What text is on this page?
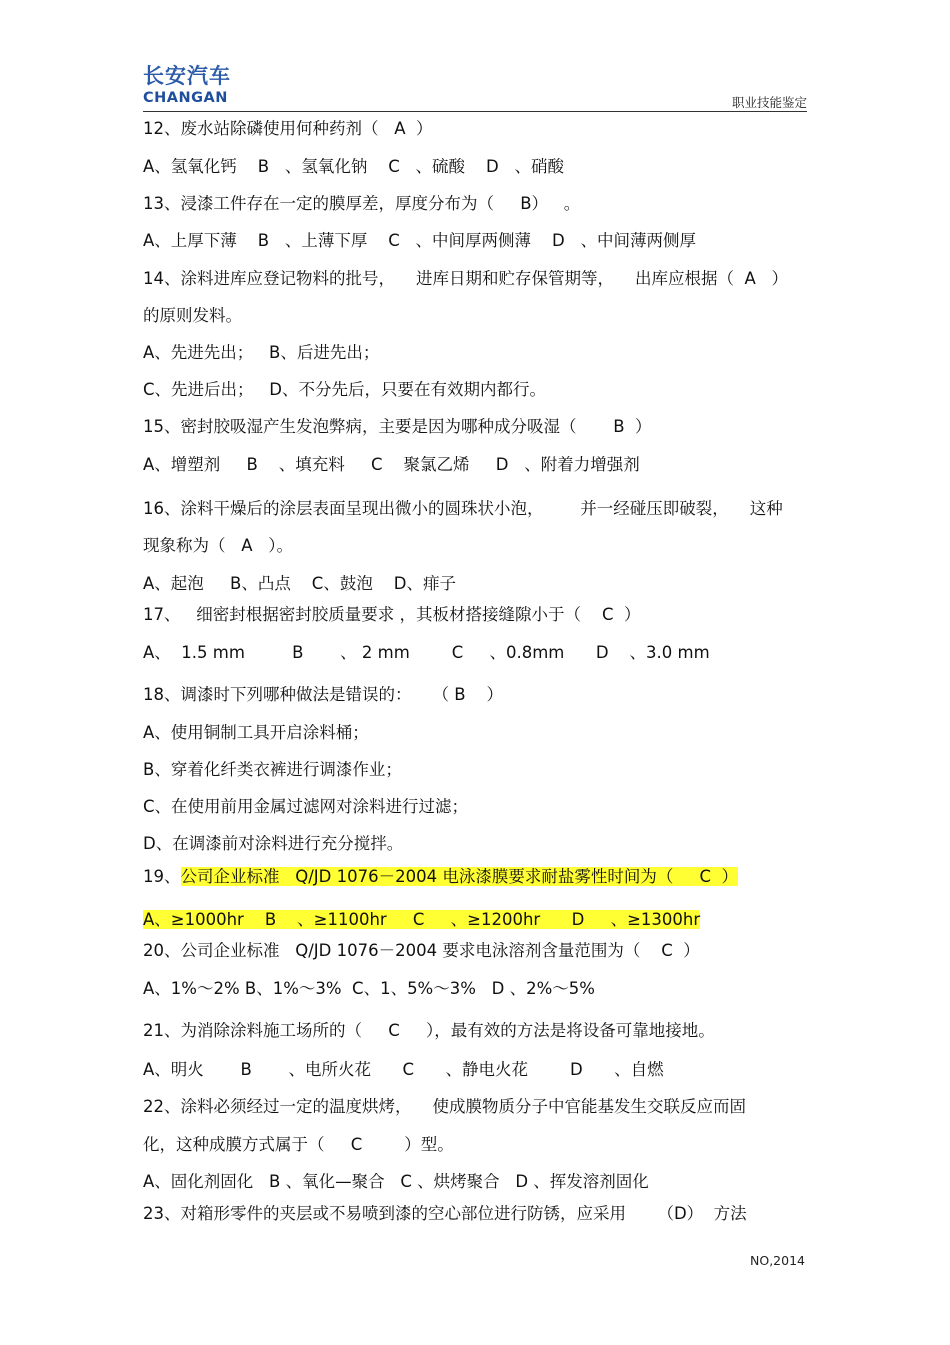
长安汽车
CHANGAN	职业技能鉴定
12、废水站除磷使用何种药剂（   A  ）
A、氢氧化钙    B   、氢氧化钠    C   、硫酸    D   、硝酸
13、浸漆工件存在一定的膜厚差，厚度分布为（     B）   。
A、上厚下薄    B   、上薄下厚    C   、中间厚两侧薄    D   、中间薄两侧厚
14、涂料进库应登记物料的批号，    进库日期和贮存保管期等，    出库应根据（  A   ）
的原则发料。
A、先进先出；   B、后进先出；
C、先进后出；   D、不分先后，只要在有效期内都行。
15、密封胶吸湿产生发泡弊病，主要是因为哪种成分吸湿（       B  ）
A、增塑剂     B    、填充料     C    聚氯乙烯     D   、附着力增强剂
16、涂料干燥后的涂层表面呈现出微小的圆珠状小泡，       并一经碰压即破裂，    这种
现象称为（   A   ）。
A、起泡     B、凸点    C、鼓泡    D、痱子
17、   细密封根据密封胶质量要求 ，其板材搭接缝隙小于（    C  ）
A、  1.5 mm         B       、 2 mm        C     、0.8mm      D    、3.0 mm
18、调漆时下列哪种做法是错误的：    （ B    ）
A、使用铜制工具开启涂料桶；
B、穿着化纤类衣裤进行调漆作业；
C、在使用前用金属过滤网对涂料进行过滤；
D、在调漆前对涂料进行充分搅拌。
19、公司企业标准   Q/JD 1076－2004 电泳漆膜要求耐盐雾性时间为（     C  ）
A、≥1000hr    B    、≥1100hr     C     、≥1200hr      D     、≥1300hr
20、公司企业标准   Q/JD 1076－2004 要求电泳溶剂含量范围为（    C  ）
A、1%～2% B、1%～3%  C、1、5%～3%   D 、2%～5%
21、为消除涂料施工场所的（     C     ），最有效的方法是将设备可靠地接地。
A、明火       B       、电所火花      C      、静电火花        D      、自燃
22、涂料必须经过一定的温度烘烤，    使成膜物质分子中官能基发生交联反应而固
化，这种成膜方式属于（     C        ）型。
A、固化剂固化   B 、氧化—聚合   C 、烘烤聚合   D 、挥发溶剂固化
23、对箱形零件的夹层或不易喷到漆的空心部位进行防锈，应采用      （D）  方法
NO,2014
